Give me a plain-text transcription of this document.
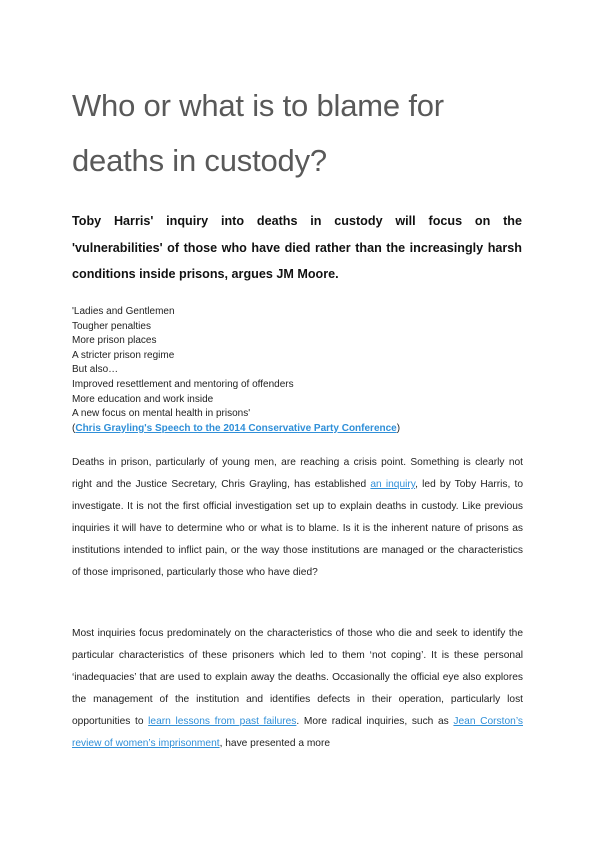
Who or what is to blame for deaths in custody?

Toby Harris' inquiry into deaths in custody will focus on the 'vulnerabilities' of those who have died rather than the increasingly harsh conditions inside prisons, argues JM Moore.

'Ladies and Gentlemen
Tougher penalties
More prison places
A stricter prison regime
But also…
Improved resettlement and mentoring of offenders
More education and work inside
A new focus on mental health in prisons'
(Chris Grayling's Speech to the 2014 Conservative Party Conference)

Deaths in prison, particularly of young men, are reaching a crisis point. Something is clearly not right and the Justice Secretary, Chris Grayling, has established an inquiry, led by Toby Harris, to investigate. It is not the first official investigation set up to explain deaths in custody. Like previous inquiries it will have to determine who or what is to blame. Is it is the inherent nature of prisons as institutions intended to inflict pain, or the way those institutions are managed or the characteristics of those imprisoned, particularly those who have died?

Most inquiries focus predominately on the characteristics of those who die and seek to identify the particular characteristics of these prisoners which led to them ‘not coping’. It is these personal ‘inadequacies’ that are used to explain away the deaths. Occasionally the official eye also explores the management of the institution and identifies defects in their operation, particularly lost opportunities to learn lessons from past failures. More radical inquiries, such as Jean Corston’s review of women’s imprisonment, have presented a more
